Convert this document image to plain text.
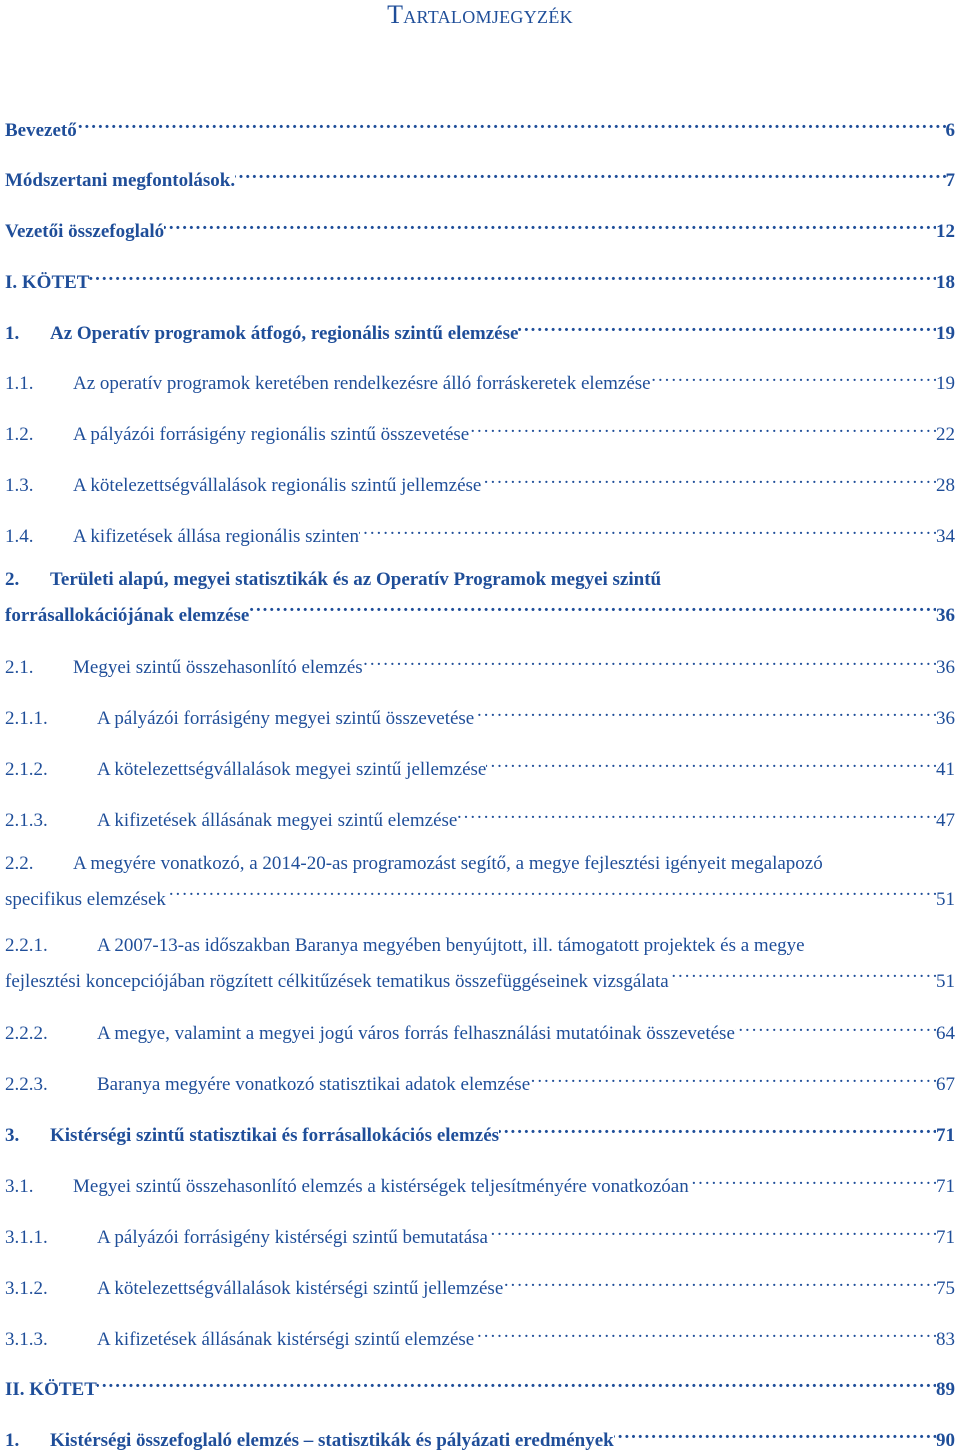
Tartalomjegyzék
Bevezető . . .	6
Módszertani megfontolások. . . .	7
Vezetői összefoglaló . . .	12
I. KÖTET . . .	18
1.	Az Operatív programok átfogó, regionális szintű elemzése . . .	19
1.1.	Az operatív programok keretében rendelkezésre álló forráskeretek elemzése . . .	19
1.2.	A pályázói forrásigény regionális szintű összevetése . . .	22
1.3.	A kötelezettségvállalások regionális szintű jellemzése . . .	28
1.4.	A kifizetések állása regionális szinten . . .	34
2. Területi alapú, megyei statisztikák és az Operatív Programok megyei szintű
forrásallokációjának elemzése . . .	36
2.1.	Megyei szintű összehasonlító elemzés . . .	36
2.1.1.	A pályázói forrásigény megyei szintű összevetése . . .	36
2.1.2.	A kötelezettségvállalások megyei szintű jellemzése . . .	41
2.1.3.	A kifizetések állásának megyei szintű elemzése . . .	47
2.2. A megyére vonatkozó, a 2014-20-as programozást segítő, a megye fejlesztési igényeit megalapozó
specifikus elemzések . . .	51
2.2.1.	A 2007-13-as időszakban Baranya megyében benyújtott, ill. támogatott projektek és a megye
fejlesztési koncepciójában rögzített célkitűzések tematikus összefüggéseinek vizsgálata . . .	51
2.2.2.	A megye, valamint a megyei jogú város forrás felhasználási mutatóinak összevetése . . .	64
2.2.3.	Baranya megyére vonatkozó statisztikai adatok elemzése . . .	67
3.	Kistérségi szintű statisztikai és forrásallokációs elemzés . . .	71
3.1.	Megyei szintű összehasonlító elemzés a kistérségek teljesítményére vonatkozóan . . .	71
3.1.1.	A pályázói forrásigény kistérségi szintű bemutatása . . .	71
3.1.2.	A kötelezettségvállalások kistérségi szintű jellemzése . . .	75
3.1.3.	A kifizetések állásának kistérségi szintű elemzése . . .	83
II. KÖTET . . .	89
1.	Kistérségi összefoglaló elemzés – statisztikák és pályázati eredmények . . .	90
